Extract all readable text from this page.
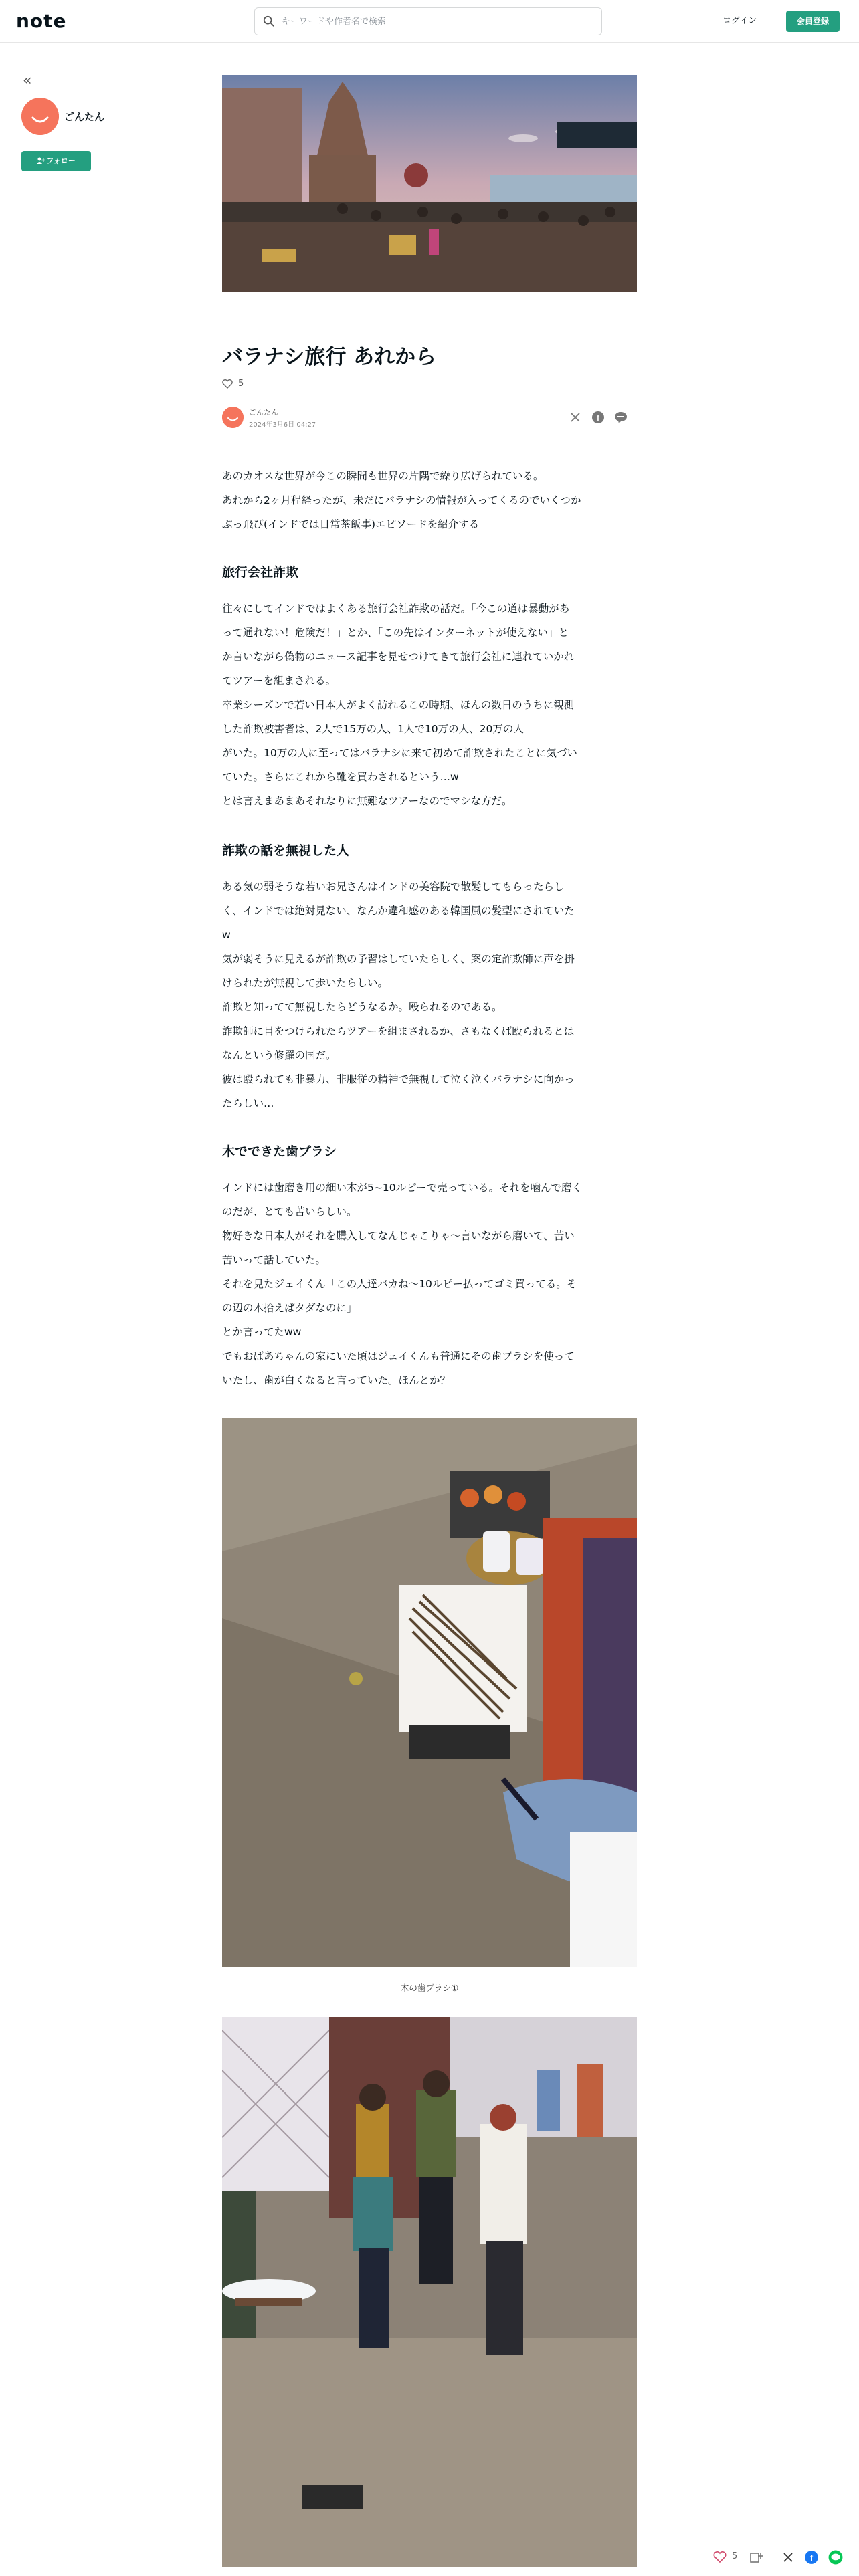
note
キーワードや作者名で検索	ログイン	会員登録
«
ごんたん
フォロー
バラナシ旅行 あれから
5
ごんたん
2024年3月6日 04:27
f
あのカオスな世界が今この瞬間も世界の片隅で繰り広げられている。
あれから2ヶ月程経ったが、未だにバラナシの情報が入ってくるのでいくつか
ぶっ飛び(インドでは日常茶飯事)エピソードを紹介する
旅行会社詐欺
往々にしてインドではよくある旅行会社詐欺の話だ。「今この道は暴動があ
って通れない！危険だ！」とか、「この先はインターネットが使えない」と
か言いながら偽物のニュース記事を見せつけてきて旅行会社に連れていかれ
てツアーを組まされる。
卒業シーズンで若い日本人がよく訪れるこの時期、ほんの数日のうちに観測
した詐欺被害者は、2人で15万の人、1人で10万の人、20万の人
がいた。10万の人に至ってはバラナシに来て初めて詐欺されたことに気づい
ていた。さらにこれから靴を買わされるという…w
とは言えまあまあそれなりに無難なツアーなのでマシな方だ。
詐欺の話を無視した人
ある気の弱そうな若いお兄さんはインドの美容院で散髪してもらったらし
く、インドでは絶対見ない、なんか違和感のある韓国風の髪型にされていた
w
気が弱そうに見えるが詐欺の予習はしていたらしく、案の定詐欺師に声を掛
けられたが無視して歩いたらしい。
詐欺と知ってて無視したらどうなるか。殴られるのである。
詐欺師に目をつけられたらツアーを組まされるか、さもなくば殴られるとは
なんという修羅の国だ。
彼は殴られても非暴力、非服従の精神で無視して泣く泣くバラナシに向かっ
たらしい…
木でできた歯ブラシ
インドには歯磨き用の細い木が5~10ルピーで売っている。それを噛んで磨く
のだが、とても苦いらしい。
物好きな日本人がそれを購入してなんじゃこりゃ〜言いながら磨いて、苦い
苦いって話していた。
それを見たジェイくん「この人達バカね〜10ルピー払ってゴミ買ってる。そ
の辺の木拾えばタダなのに」
とか言ってたww
でもおばあちゃんの家にいた頃はジェイくんも普通にその歯ブラシを使って
いたし、歯が白くなると言っていた。ほんとか？
木の歯ブラシ①
5	f
